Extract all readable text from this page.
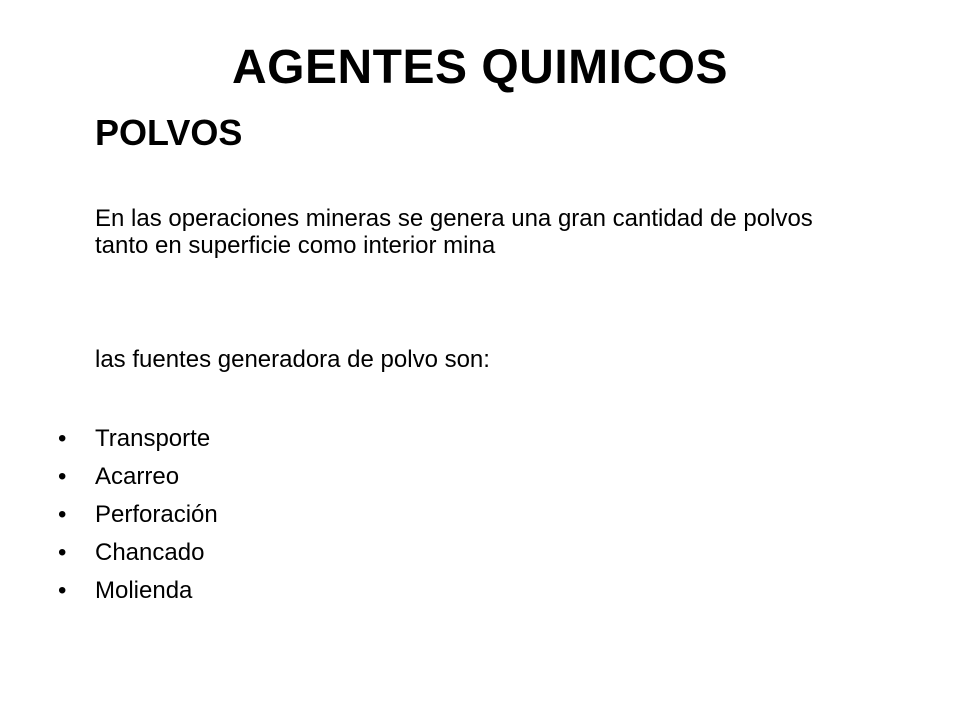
AGENTES QUIMICOS
POLVOS
En las operaciones mineras se genera una gran cantidad de polvos tanto en superficie como interior mina
las fuentes generadora de polvo son:
•	Transporte
•	Acarreo
•	Perforación
•	Chancado
•	Molienda
